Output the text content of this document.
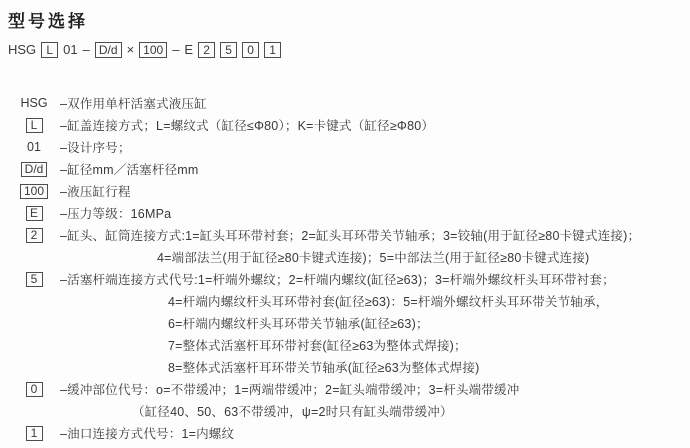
型号选择
HSG L 01 – D/d × 100 – E 2	5	0	1
HSG –双作用单杆活塞式液压缸
L	–缸盖连接方式；L=螺纹式（缸径≤Φ80）；K=卡键式（缸径≥Φ80）
01 –设计序号；
D/d	–缸径mm／活塞杆径mm
100	–液压缸行程
E	–压力等级：16MPa
2	–缸头、缸筒连接方式:1=缸头耳环带衬套；2=缸头耳环带关节轴承；3=铰轴(用于缸径≥80卡键式连接)；
4=端部法兰(用于缸径≥80卡键式连接)；5=中部法兰(用于缸径≥80卡键式连接)
5	–活塞杆端连接方式代号:1=杆端外螺纹；2=杆端内螺纹(缸径≥63)；3=杆端外螺纹杆头耳环带衬套；
4=杆端内螺纹杆头耳环带衬套(缸径≥63)：5=杆端外螺纹杆头耳环带关节轴承，
6=杆端内螺纹杆头耳环带关节轴承(缸径≥63)；
7=整体式活塞杆耳环带衬套(缸径≥63为整体式焊接)；
8=整体式活塞杆耳环带关节轴承(缸径≥63为整体式焊接)
0	–缓冲部位代号：o=不带缓冲；1=两端带缓冲；2=缸头端带缓冲；3=杆头端带缓冲
（缸径40、50、63不带缓冲，ψ=2时只有缸头端带缓冲）
1	–油口连接方式代号：1=内螺纹
